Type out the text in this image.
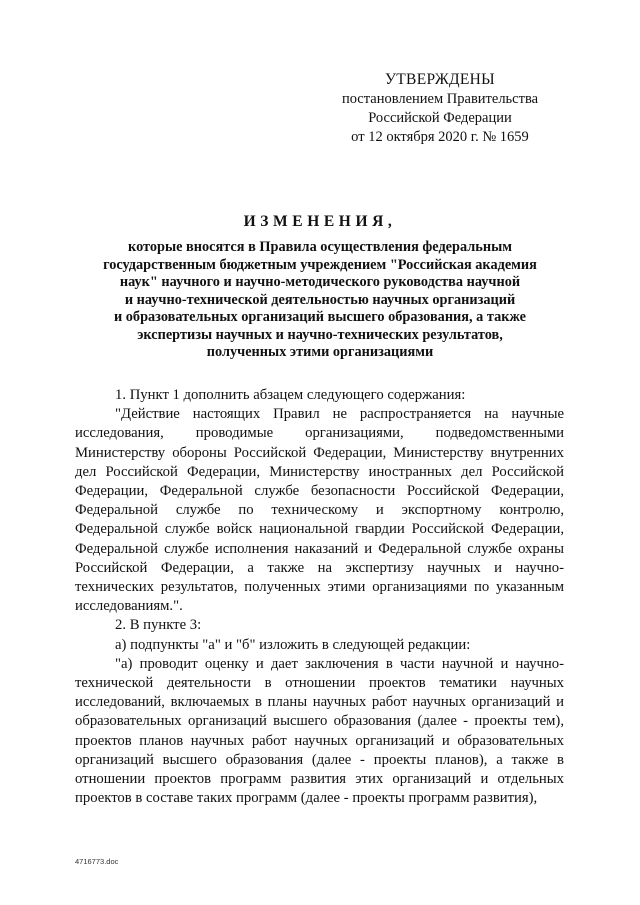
УТВЕРЖДЕНЫ
постановлением Правительства
Российской Федерации
от 12 октября 2020 г. № 1659
ИЗМЕНЕНИЯ,
которые вносятся в Правила осуществления федеральным
государственным бюджетным учреждением "Российская академия
наук" научного и научно-методического руководства научной
и научно-технической деятельностью научных организаций
и образовательных организаций высшего образования, а также
экспертизы научных и научно-технических результатов,
полученных этими организациями
1. Пункт 1 дополнить абзацем следующего содержания:
"Действие настоящих Правил не распространяется на научные исследования, проводимые организациями, подведомственными Министерству обороны Российской Федерации, Министерству внутренних дел Российской Федерации, Министерству иностранных дел Российской Федерации, Федеральной службе безопасности Российской Федерации, Федеральной службе по техническому и экспортному контролю, Федеральной службе войск национальной гвардии Российской Федерации, Федеральной службе исполнения наказаний и Федеральной службе охраны Российской Федерации, а также на экспертизу научных и научно-технических результатов, полученных этими организациями по указанным исследованиям.".
2. В пункте 3:
а) подпункты "а" и "б" изложить в следующей редакции:
"а) проводит оценку и дает заключения в части научной и научно-технической деятельности в отношении проектов тематики научных исследований, включаемых в планы научных работ научных организаций и образовательных организаций высшего образования (далее - проекты тем), проектов планов научных работ научных организаций и образовательных организаций высшего образования (далее - проекты планов), а также в отношении проектов программ развития этих организаций и отдельных проектов в составе таких программ (далее - проекты программ развития),
4716773.doc
